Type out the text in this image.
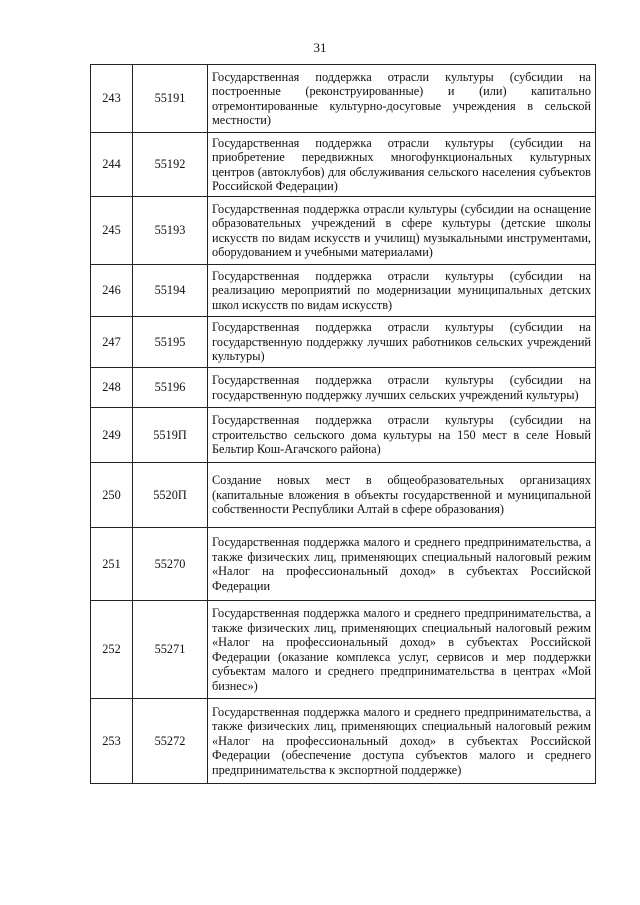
31
243	55191	Государственная поддержка отрасли культуры (субсидии на построенные (реконструированные) и (или) капитально отремонтированные культурно-досуговые учреждения в сельской местности)
244	55192	Государственная поддержка отрасли культуры (субсидии на приобретение передвижных многофункциональных культурных центров (автоклубов) для обслуживания сельского населения субъектов Российской Федерации)
245	55193	Государственная поддержка отрасли культуры (субсидии на оснащение образовательных учреждений в сфере культуры (детские школы искусств по видам искусств и училищ) музыкальными инструментами, оборудованием и учебными материалами)
246	55194	Государственная поддержка отрасли культуры (субсидии на реализацию мероприятий по модернизации муниципальных детских школ искусств по видам искусств)
247	55195	Государственная поддержка отрасли культуры (субсидии на государственную поддержку лучших работников сельских учреждений культуры)
248	55196	Государственная поддержка отрасли культуры (субсидии на государственную поддержку лучших сельских учреждений культуры)
249	5519П	Государственная поддержка отрасли культуры (субсидии на строительство сельского дома культуры на 150 мест в селе Новый Бельтир Кош-Агачского района)
250	5520П	Создание новых мест в общеобразовательных организациях (капитальные вложения в объекты государственной и муниципальной собственности Республики Алтай в сфере образования)
251	55270	Государственная поддержка малого и среднего предпринимательства, а также физических лиц, применяющих специальный налоговый режим «Налог на профессиональный доход» в субъектах Российской Федерации
252	55271	Государственная поддержка малого и среднего предпринимательства, а также физических лиц, применяющих специальный налоговый режим «Налог на профессиональный доход» в субъектах Российской Федерации (оказание комплекса услуг, сервисов и мер поддержки субъектам малого и среднего предпринимательства в центрах «Мой бизнес»)
253	55272	Государственная поддержка малого и среднего предпринимательства, а также физических лиц, применяющих специальный налоговый режим «Налог на профессиональный доход» в субъектах Российской Федерации (обеспечение доступа субъектов малого и среднего предпринимательства к экспортной поддержке)
